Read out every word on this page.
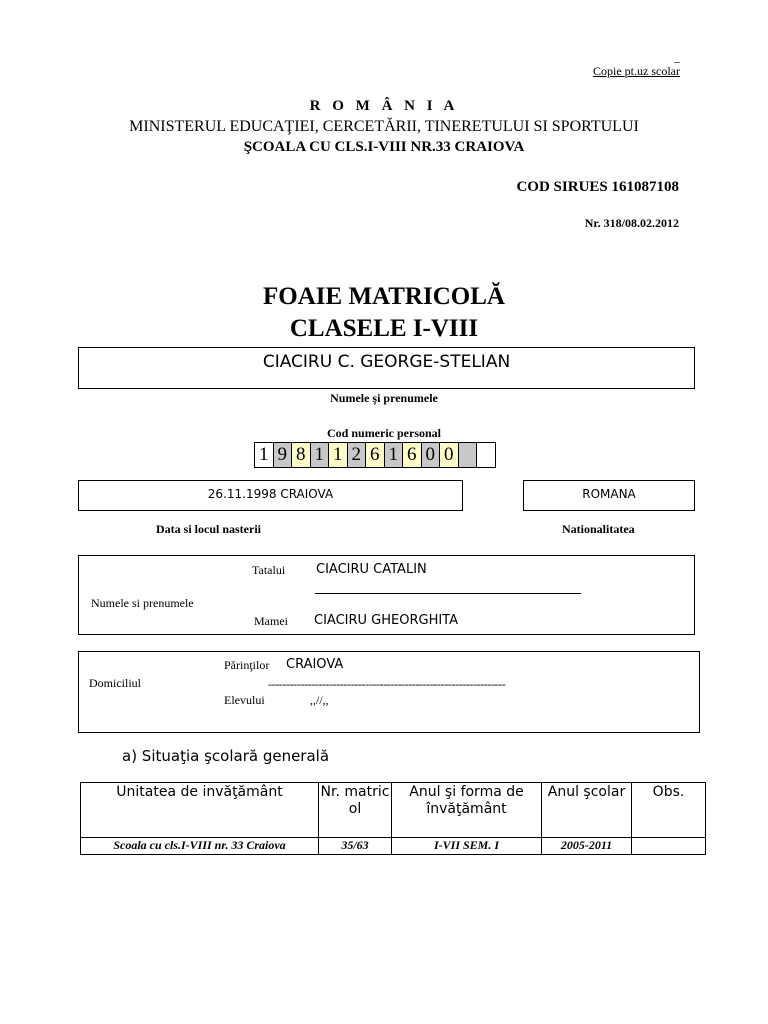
_
Copie pt.uz scolar
R O M Â N I A
MINISTERUL EDUCAŢIEI, CERCETĂRII, TINERETULUI SI SPORTULUI
ŞCOALA CU CLS.I-VIII NR.33 CRAIOVA
COD SIRUES 161087108
Nr. 318/08.02.2012
FOAIE MATRICOLĂ
CLASELE I-VIII
CIACIRU C. GEORGE-STELIAN
Numele şi prenumele
Cod numeric personal
1 9 8 1 1 2 6 1 6 0 0
26.11.1998 CRAIOVA	ROMANA
Data si locul nasterii	Nationalitatea
Tatalui CIACIRU CATALIN
Numele si prenumele
Mamei CIACIRU GHEORGHITA
Părinţilor CRAIOVA
------------------------------------------------------------------
Domiciliul
Elevului	,,//,,
a) Situaţia şcolară generală
Unitatea de invăţământ	Nr. matric ol	Anul şi forma de învăţământ	Anul şcolar	Obs.
Scoala cu cls.I-VIII nr. 33 Craiova	35/63	I-VII SEM. I	2005-2011	
